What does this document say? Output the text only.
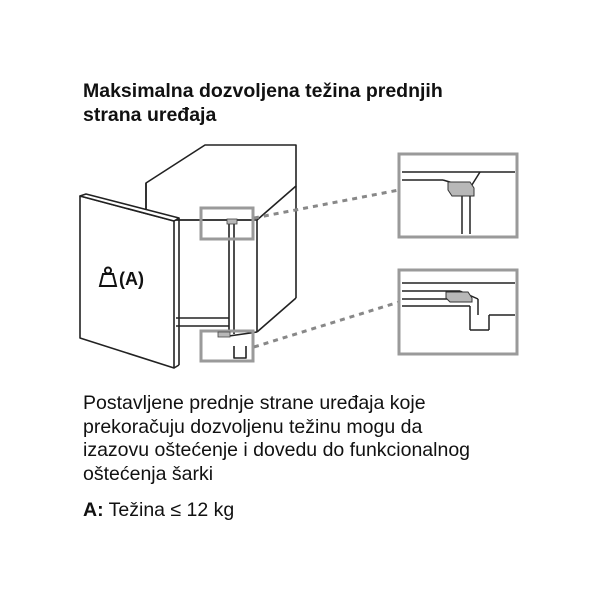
Maksimalna dozvoljena težina prednjih
strana uređaja
(A)

Postavljene prednje strane uređaja koje
prekoračuju dozvoljenu težinu mogu da
izazovu oštećenje i dovedu do funkcionalnog
oštećenja šarki

A: Težina ≤ 12 kg
